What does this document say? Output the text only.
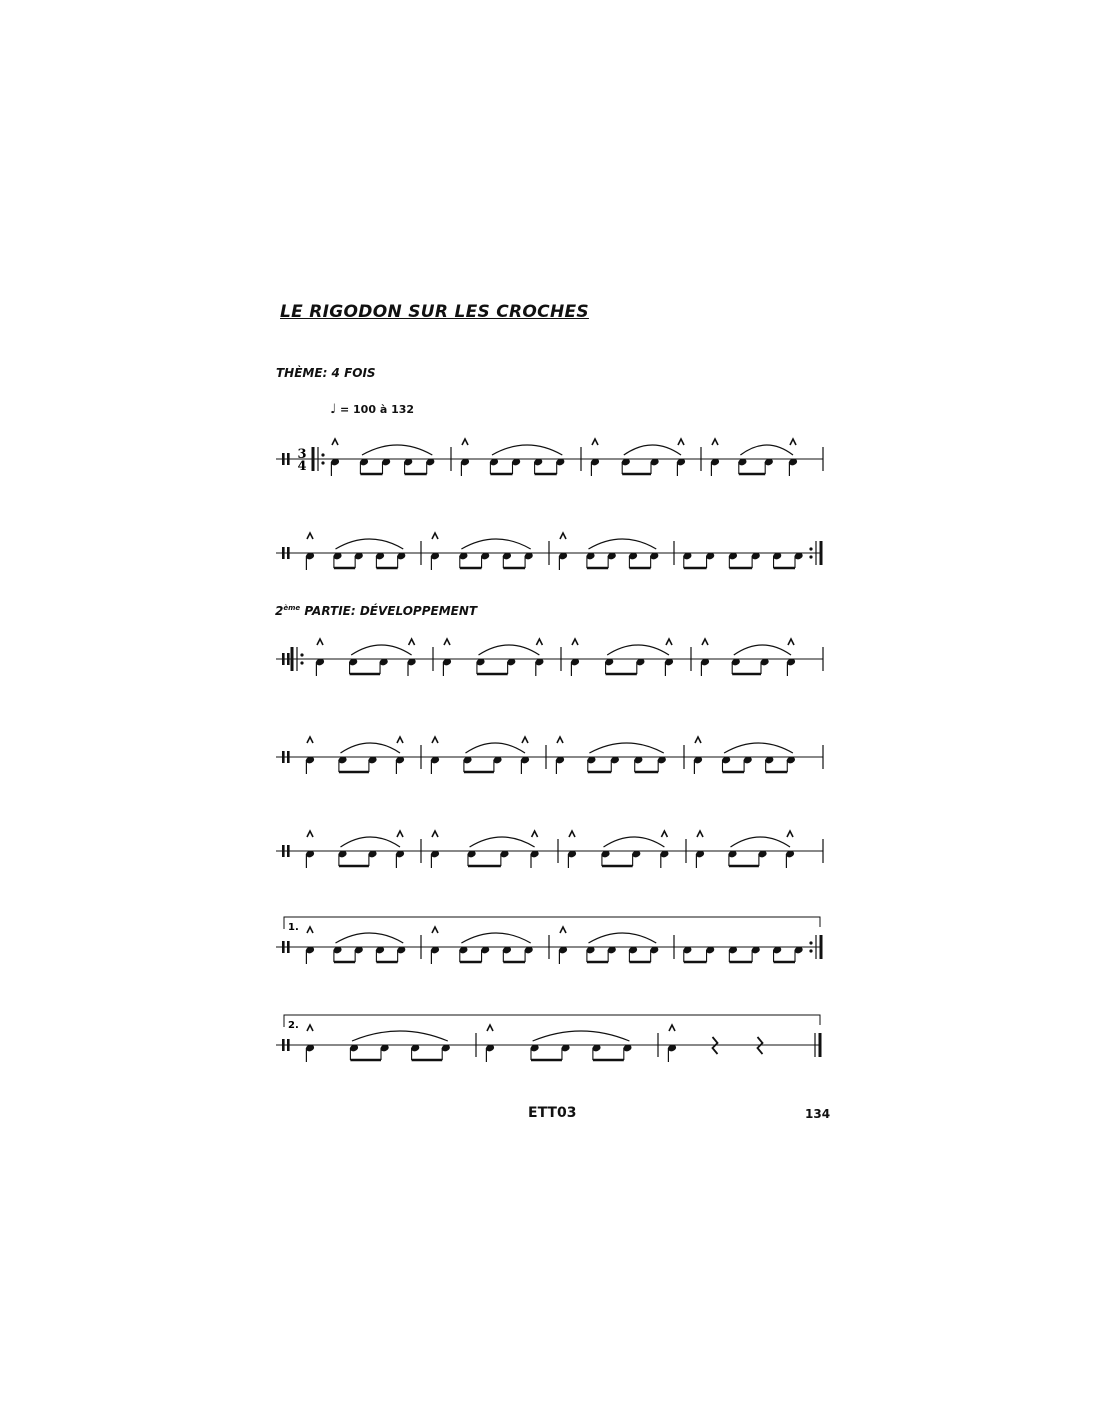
LE RIGODON SUR LES CROCHES
THÈME: 4 FOIS
♩ = 100 à 132
2ème PARTIE: DÉVELOPPEMENT
ETT03	134
3
4
1.
2.
